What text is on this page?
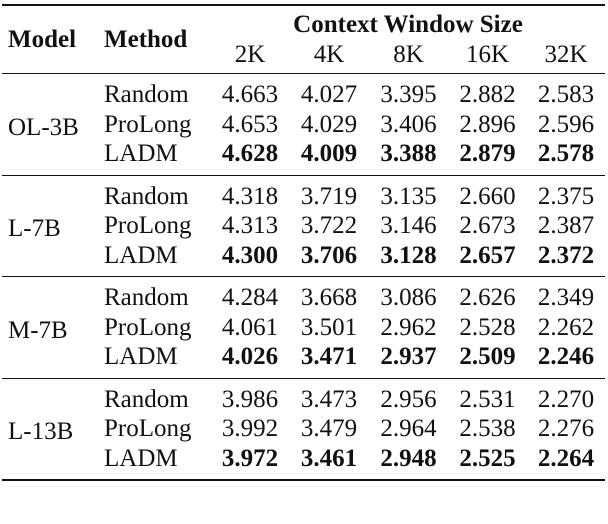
Model	Method	Context Window Size				
		2K	4K	8K	16K	32K

OL-3B	Random	4.663	4.027	3.395	2.882	2.583
	ProLong	4.653	4.029	3.406	2.896	2.596
	LADM	4.628	4.009	3.388	2.879	2.578

L-7B	Random	4.318	3.719	3.135	2.660	2.375
	ProLong	4.313	3.722	3.146	2.673	2.387
	LADM	4.300	3.706	3.128	2.657	2.372

M-7B	Random	4.284	3.668	3.086	2.626	2.349
	ProLong	4.061	3.501	2.962	2.528	2.262
	LADM	4.026	3.471	2.937	2.509	2.246

L-13B	Random	3.986	3.473	2.956	2.531	2.270
	ProLong	3.992	3.479	2.964	2.538	2.276
	LADM	3.972	3.461	2.948	2.525	2.264
